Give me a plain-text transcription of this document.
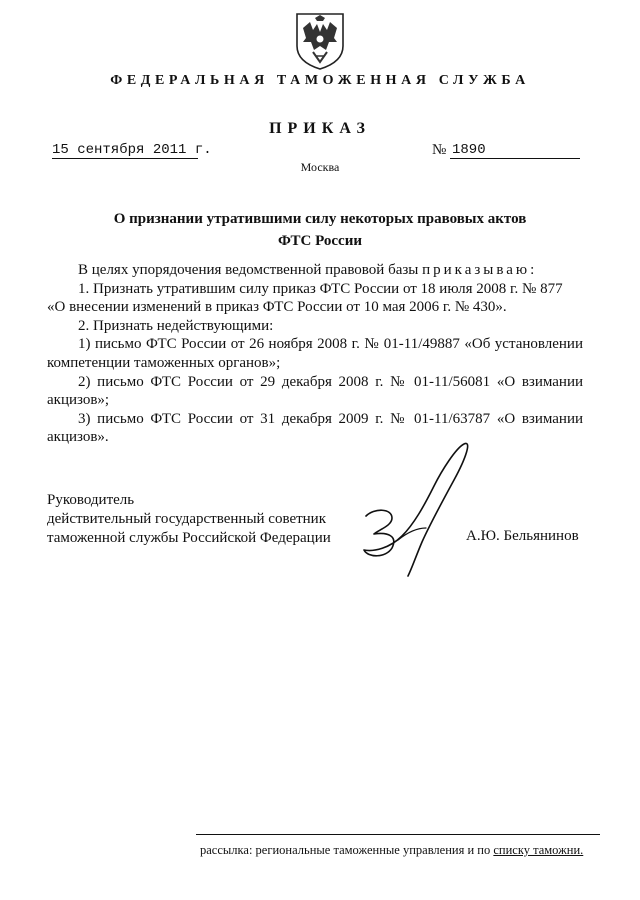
ФЕДЕРАЛЬНАЯ ТАМОЖЕННАЯ СЛУЖБА
ПРИКАЗ
15 сентября 2011 г.	№ 1890
Москва
О признании утратившими силу некоторых правовых актов
ФТС России

В целях упорядочения ведомственной правовой базы приказываю:

1. Признать утратившим силу приказ ФТС России от 18 июля 2008 г. № 877

«О внесении изменений в приказ ФТС России от 10 мая 2006 г. № 430».

2. Признать недействующими:

1) письмо ФТС России от 26 ноября 2008 г. № 01-11/49887 «Об установлении компетенции таможенных органов»;

2) письмо ФТС России от 29 декабря 2008 г. № 01-11/56081 «О взимании акцизов»;

3) письмо ФТС России от 31 декабря 2009 г. № 01-11/63787 «О взимании акцизов».

Руководитель
действительный государственный советник
таможенной службы Российской Федерации	А.Ю. Бельянинов
рассылка: региональные таможенные управления и по списку таможни.
